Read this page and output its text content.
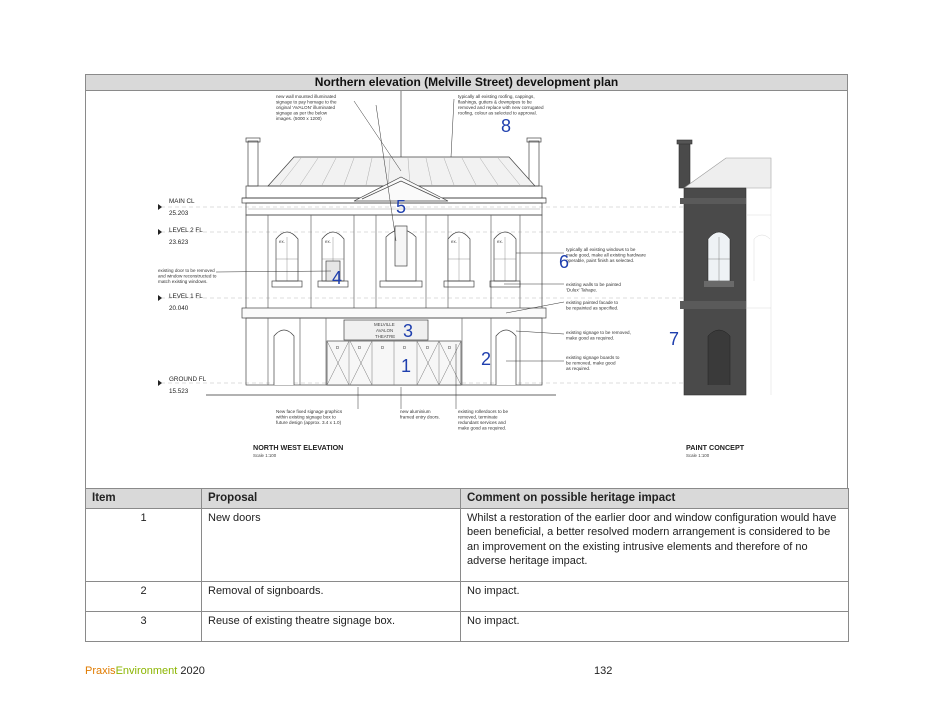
Northern elevation (Melville Street) development plan
MAIN CL
25.203
LEVEL 2 FL
23.623
LEVEL 1 FL
20.040
GROUND FL
15.523
ex.	ex.	ex.	ex.
MELVILLE
AVALON
THEATRE
D	D	D	D	D	D
new wall mounted illuminated signage to pay homage to the original 'AVALON' illuminated signage as per the below images. (5000 x 1200)
typically all existing roofing, cappings, flashings, gutters & downpipes to be removed and replace with new corrugated roofing, colour as selected to approval.
existing door to be removed and window reconstructed to match existing windows.
typically all existing windows to be made good, make all existing hardware operable, paint finish as selected.
existing walls to be painted 'Dulux' Tahape.
existing painted facade to be repainted as specified.
existing signage to be removed, make good as required.
existing signage boards to be removed, make good as required.
New face fixed signage graphics within existing signage box to future design (approx. 3.4 x 1.0)
new aluminium framed entry doors.
existing rollerdoors to be removed, terminate redundant services and make good as required.
1	2
3
4
5
6
7
8
NORTH WEST ELEVATION
Scale 1:100
PAINT CONCEPT
Scale 1:100
Item	Proposal	Comment on possible heritage impact
1	New doors	Whilst a restoration of the earlier door and window configuration would have been beneficial, a better resolved modern arrangement is considered to be an improvement on the existing intrusive elements and therefore of no adverse heritage impact.
2	Removal of signboards.	No impact.
3	Reuse of existing theatre signage box.	No impact.
PraxisEnvironment 2020	132
